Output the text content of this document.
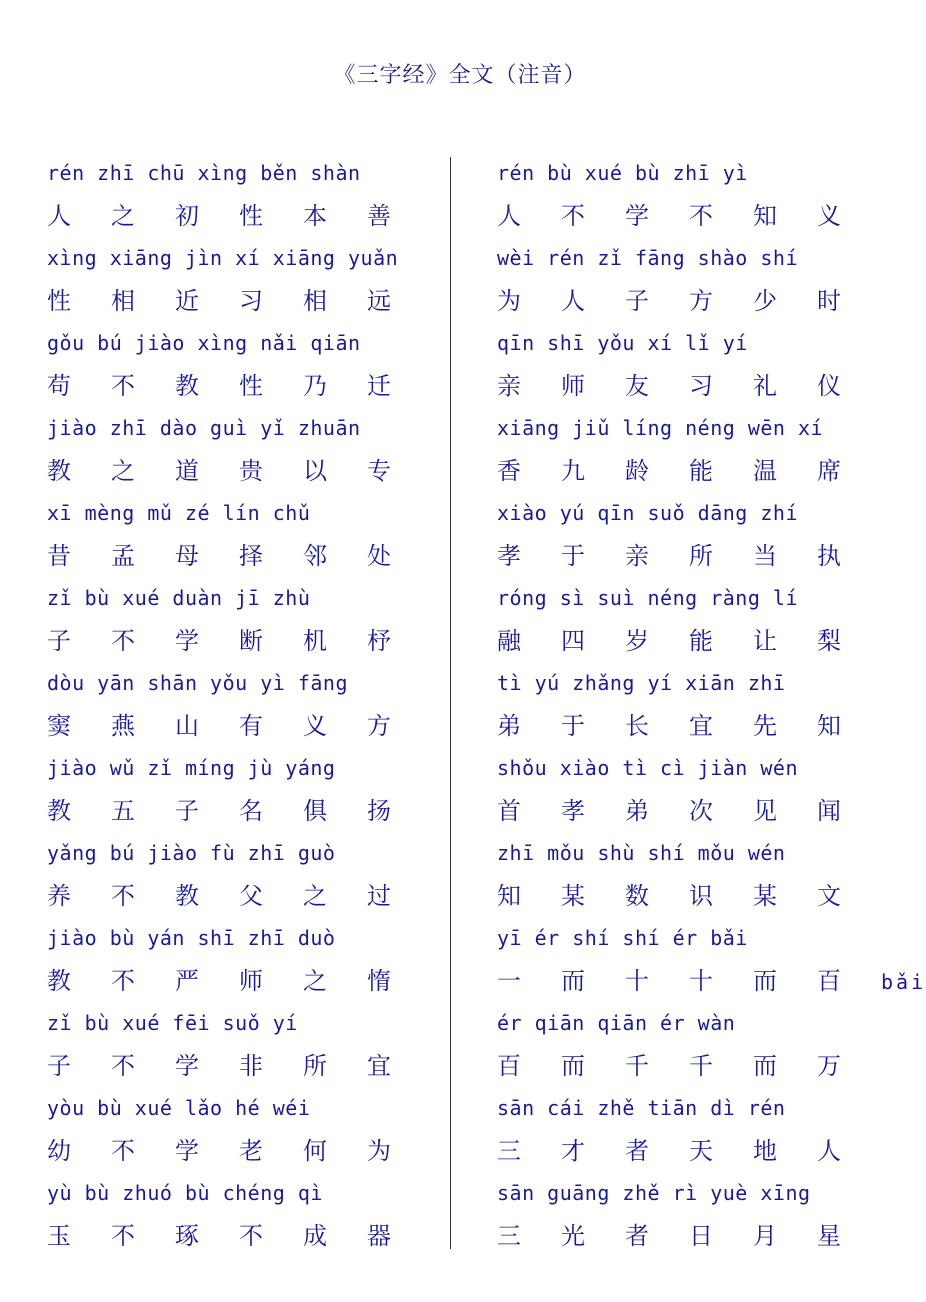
《三字经》全文（注音）
rén zhī chū xìng běn shàn
人 之 初 性 本 善
xìng xiāng jìn xí xiāng yuǎn
性 相 近 习 相 远
gǒu bú jiào xìng nǎi qiān
苟 不 教 性 乃 迁
jiào zhī dào guì yǐ zhuān
教 之 道 贵 以 专
xī mèng mǔ zé lín chǔ
昔 孟 母 择 邻 处
zǐ bù xué duàn jī zhù
子 不 学 断 机 杼
dòu yān shān yǒu yì fāng
窦 燕 山 有 义 方
jiào wǔ zǐ míng jù yáng
教 五 子 名 俱 扬
yǎng bú jiào fù zhī guò
养 不 教 父 之 过
jiào bù yán shī zhī duò
教 不 严 师 之 惰
zǐ bù xué fēi suǒ yí
子 不 学 非 所 宜
yòu bù xué lǎo hé wéi
幼 不 学 老 何 为
yù bù zhuó bù chéng qì
玉 不 琢 不 成 器
rén bù xué bù zhī yì
人 不 学 不 知 义
wèi rén zǐ fāng shào shí
为 人 子 方 少 时
qīn shī yǒu xí lǐ yí
亲 师 友 习 礼 仪
xiāng jiǔ líng néng wēn xí
香 九 龄 能 温 席
xiào yú qīn suǒ dāng zhí
孝 于 亲 所 当 执
róng sì suì néng ràng lí
融 四 岁 能 让 梨
tì yú zhǎng yí xiān zhī
弟 于 长 宜 先 知
shǒu xiào tì cì jiàn wén
首 孝 弟 次 见 闻
zhī mǒu shù shí mǒu wén
知 某 数 识 某 文
yī ér shí shí ér bǎi
一 而 十 十 而 百 bǎi
ér qiān qiān ér wàn
百 而 千 千 而 万
sān cái zhě tiān dì rén
三 才 者 天 地 人
sān guāng zhě rì yuè xīng
三 光 者 日 月 星
